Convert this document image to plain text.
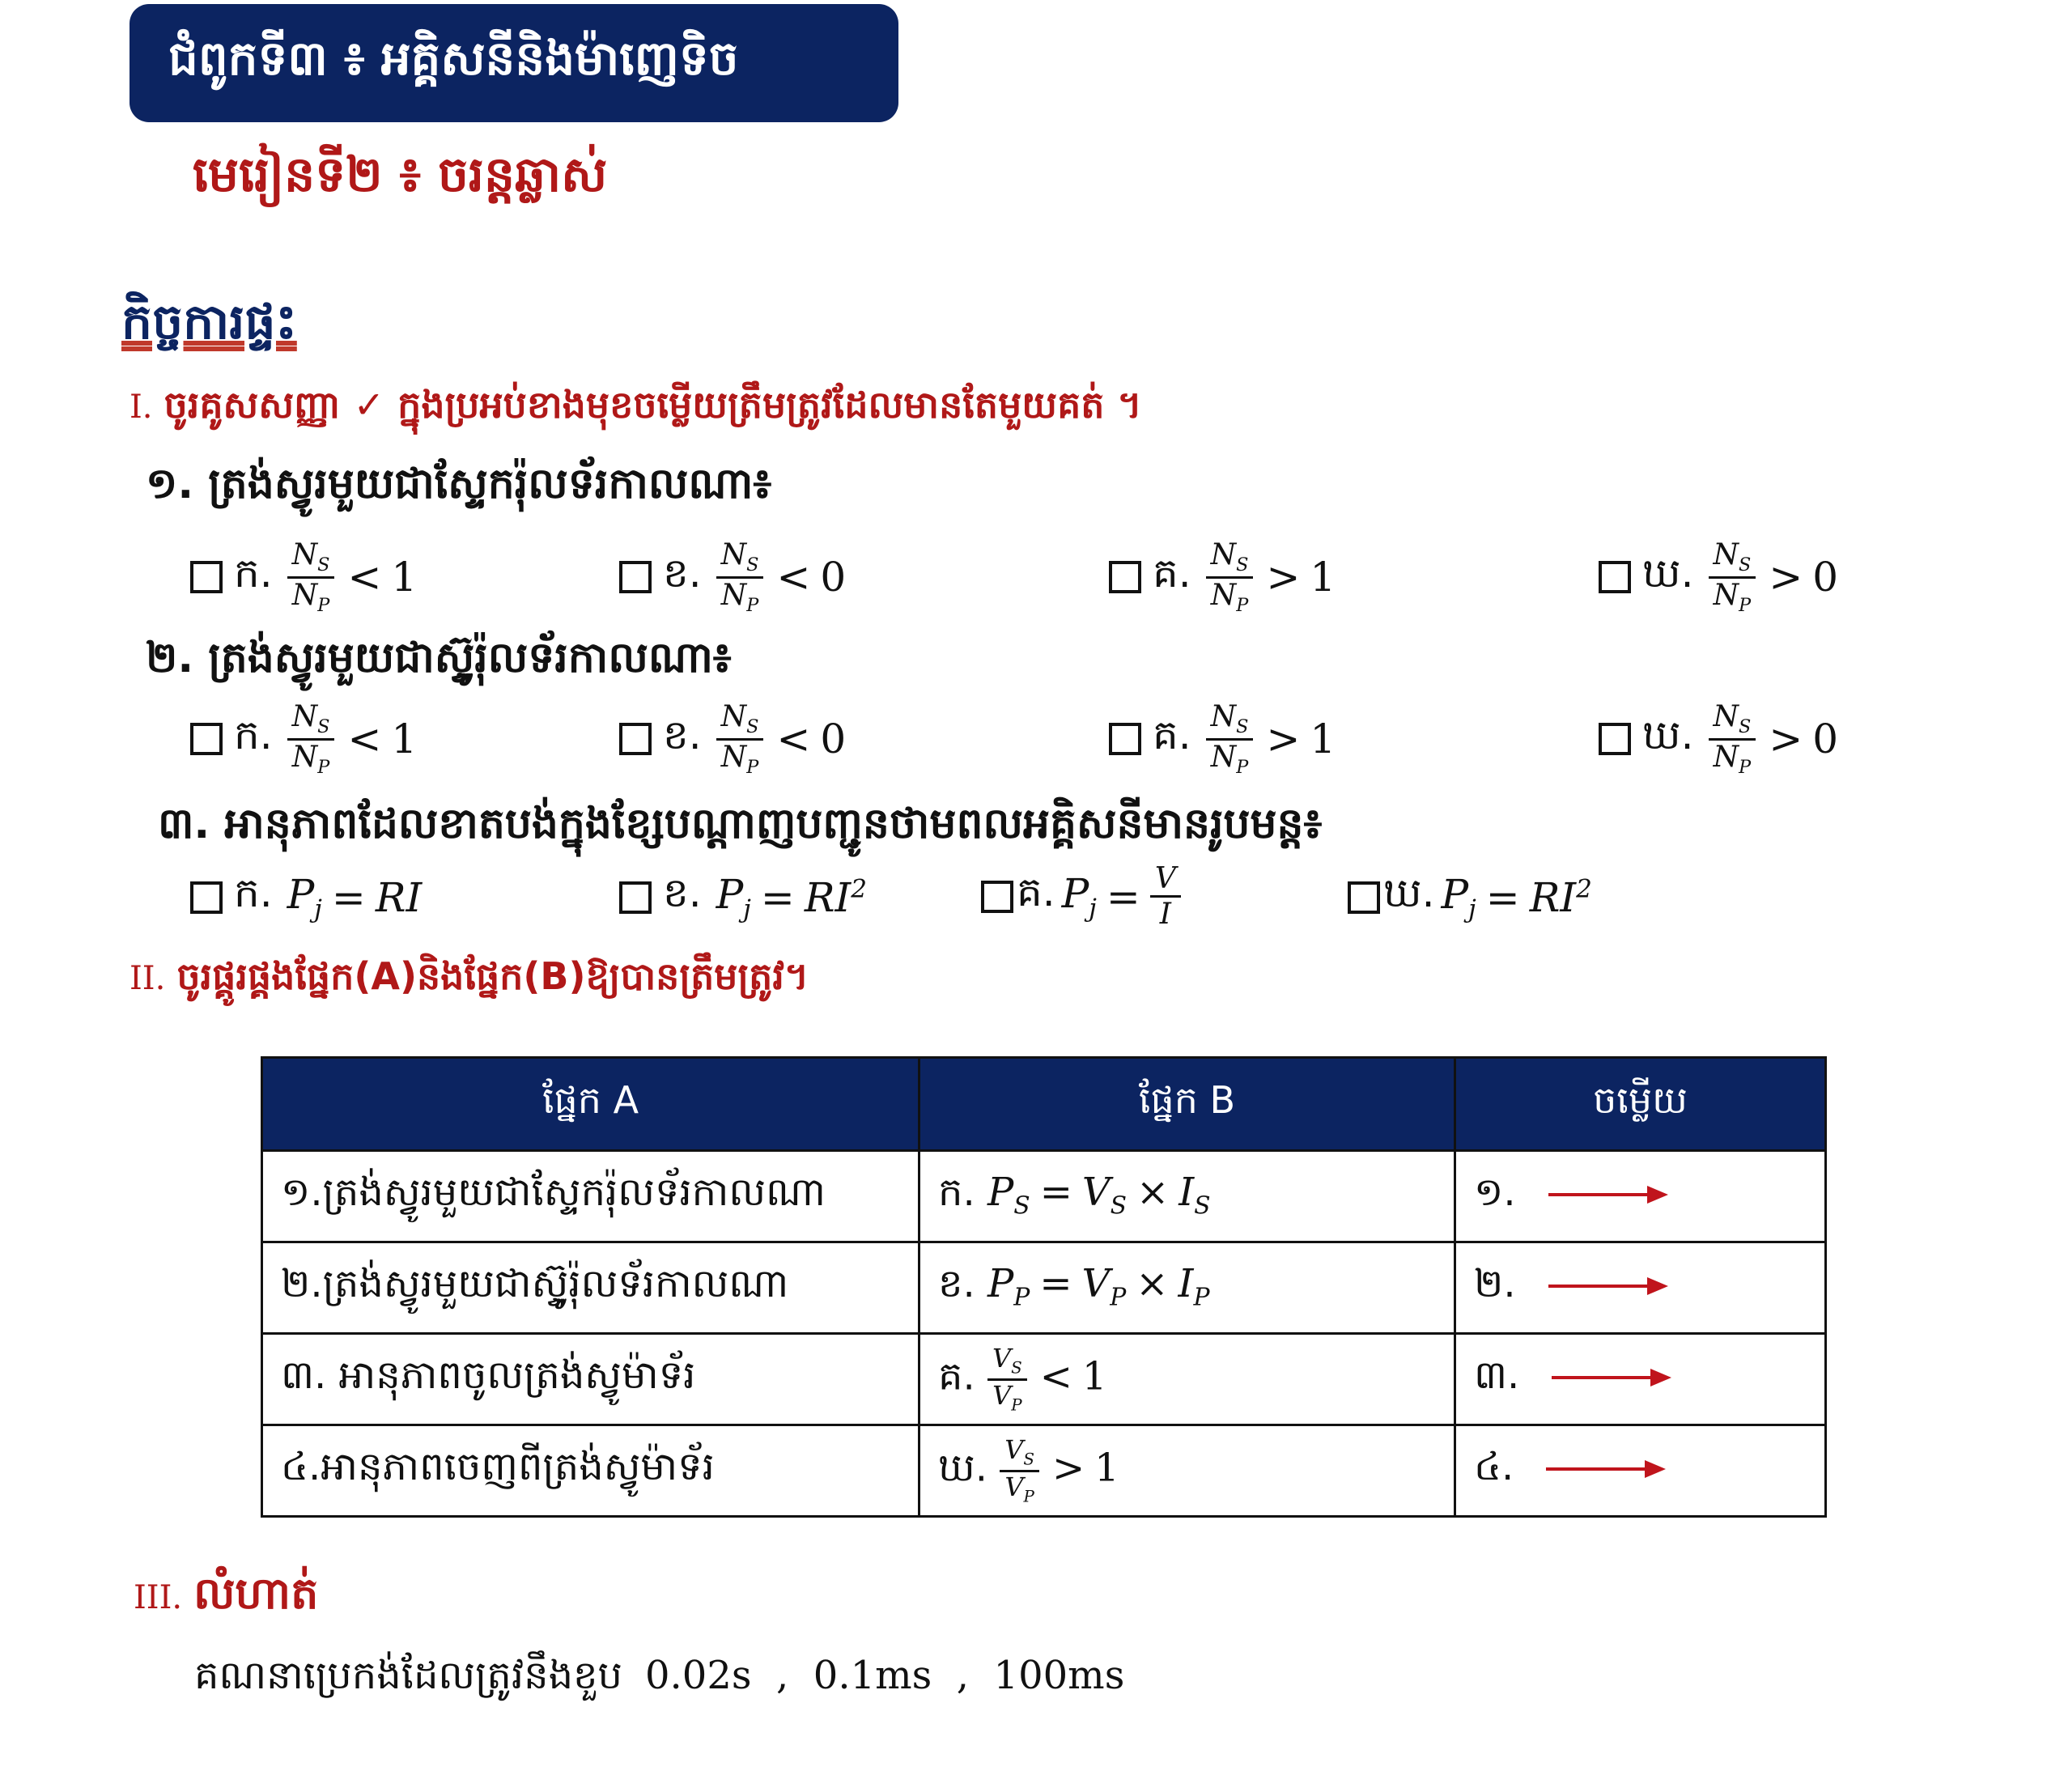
ជំពូកទី៣ ៖ អគ្គិសនីនិងម៉ាញេទិច
មេរៀនទី២ ៖ ចរន្តឆ្លាស់
កិច្ចការផ្ទះ
I. ចូរគូសសញ្ញា ✓ ក្នុងប្រអប់ខាងមុខចម្លើយត្រឹមត្រូវដែលមានតែមួយគត់ ។
១. ត្រង់ស្វូរមួយជាស្ទែករ៉ុលទ័រកាលណា៖
ក. $\frac{N_S}{N_P} < 1$	ខ. $\frac{N_S}{N_P} < 0$	គ. $\frac{N_S}{N_P} > 1$	ឃ. $\frac{N_S}{N_P} > 0$
២. ត្រង់ស្វូរមួយជាស្ទ៊ូរ៉ុលទ័រកាលណា៖
ក. $\frac{N_S}{N_P} < 1$	ខ. $\frac{N_S}{N_P} < 0$	គ. $\frac{N_S}{N_P} > 1$	ឃ. $\frac{N_S}{N_P} > 0$
៣. អានុភាពដែលខាតបង់ក្នុងខ្សែបណ្តាញបញ្ជូនថាមពលអគ្គិសនីមានរូបមន្ត៖
ក. $P_j$ = RI	ខ. $P_j = RI^2$	គ. $P_j = \frac{V}{I}$	ឃ. $P_j = RI^2$
II. ចូរផ្គូរផ្គងផ្នែក(A)និងផ្នែក(B)ឱ្យបានត្រឹមត្រូវ។
ផ្នែក A	ផ្នែក B	ចម្លើយ
១.ត្រង់ស្វូរមួយជាស្ទែករ៉ុលទ័រកាលណា	ក. $P_S = V_S \times I_S$	១.
២.ត្រង់ស្វូរមួយជាស្ទ៊ូរ៉ុលទ័រកាលណា	ខ. $P_P = V_P \times I_P$	២.
៣. អានុភាពចូលត្រង់ស្វូម៉ាទ័រ	គ. $\frac{V_S}{V_P} < 1$	៣.
៤.អានុភាពចេញពីត្រង់ស្វូម៉ាទ័រ	ឃ. $\frac{V_S}{V_P} > 1$	៤.
III. លំហាត់
គណនាប្រេកង់ដែលត្រូវនឹងខួប 0.02s  ,  0.1ms  ,  100ms
